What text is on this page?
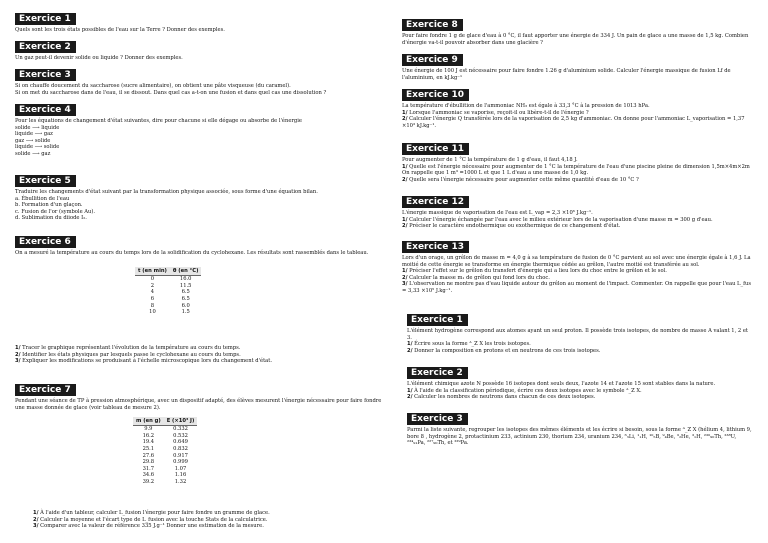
Exercice 1

Quels sont les trois états possibles de l'eau sur la Terre ? Donner des exemples.

Exercice 2

Un gaz peut-il devenir solide ou liquide ? Donner des exemples.

Exercice 3

Si on chauffe doucement du saccharose (sucre alimentaire), on obtient une pâte visqueuse (du caramel).

Si on met du saccharose dans de l'eau, il se dissout. Dans quel cas a-t-on une fusion et dans quel cas une dissolution ?

Exercice 4

Pour les équations de changement d'état suivantes, dire pour chacune si elle dégage ou absorbe de l'énergie

solide ⟶ liquide

liquide ⟶ gaz

gaz ⟶ solide

liquide ⟶ solide

solide ⟶ gaz

Exercice 5

Traduire les changements d'état suivant par la transformation physique associée, sous forme d'une équation bilan.

a. Ébullition de l'eau

b. Formation d'un glaçon.

c. Fusion de l'or (symbole Au).

d. Sublimation du diiode I₂.

Exercice 6

On a mesuré la température au cours du temps lors de la solidification du cyclohexane. Les résultats sont rassemblés dans le tableau.

t (en min)	θ (en °C)
0	16.0
2	11.5
4	6.5
6	6.5
8	6.0
10	1.5

1/ Tracer le graphique représentant l'évolution de la température au cours du temps.

2/ Identifier les états physiques par lesquels passe le cyclohexane au cours du temps.

3/ Expliquer les modifications se produisant à l'échelle microscopique lors du changement d'état.

Exercice 7

Pendant une séance de TP à pression atmosphérique, avec un dispositif adapté, des élèves mesurent l'énergie nécessaire pour faire fondre une masse donnée de glace (voir tableau de mesure 2).

m (en g)	E (×10³ J)
9.9	0.332
16.2	0.532
19.4	0.649
25.1	0.832
27.6	0.917
29.8	0.999
31.7	1.07
34.6	1.16
39.2	1.32

1/ À l'aide d'un tableur, calculer L_fusion l'énergie pour faire fondre un gramme de glace.

2/ Calculer la moyenne et l'écart type de L_fusion avec la touche Stats de la calculatrice.

3/ Comparer avec la valeur de référence 335 J.g⁻¹ Donner une estimation de la mesure.

Exercice 8

Pour faire fondre 1 g de glace d'eau à 0 °C, il faut apporter une énergie de 334 J. Un pain de glace a une masse de 1,5 kg. Combien d'énergie va-t-il pouvoir absorber dans une glacière ?

Exercice 9

Une énergie de 100 J est nécessaire pour faire fondre 1.26 g d'aluminium solide. Calculer l'énergie massique de fusion Lf de l'aluminium, en kJ.kg⁻¹

Exercice 10

La température d'ébullition de l'ammoniac NH₃ est égale à 33,3 °C à la pression de 1013 hPa.

1/ Lorsque l'ammoniac se vaporise, reçoit-il ou libère-t-il de l'énergie ?

2/ Calculer l'énergie Q transférée lors de la vaporisation de 2,5 kg d'ammoniac. On donne pour l'ammoniac L_vaporisation = 1,37 ×10³ kJ.kg⁻¹.

Exercice 11

Pour augmenter de 1 °C la température de 1 g d'eau, il faut 4,18 J.

1/ Quelle est l'énergie nécessaire pour augmenter de 1 °C la température de l'eau d'une piscine pleine de dimension 1,5m×4m×2m On rappelle que 1 m³ =1000 L et que 1 L d'eau a une masse de 1,0 kg.

2/ Quelle sera l'énergie nécessaire pour augmenter cette même quantité d'eau de 10 °C ?

Exercice 12

L'énergie massique de vaporisation de l'eau est L_vap = 2,3 ×10⁶ J.kg⁻¹.

1/ Calculer l'énergie échangée par l'eau avec le milieu extérieur lors de la vaporisation d'une masse m = 300 g d'eau.

2/ Préciser le caractère endothermique ou exothermique de ce changement d'état.

Exercice 13

Lors d'un orage, un grêlon de masse m = 4,0 g à sa température de fusion de 0 °C parvient au sol avec une énergie égale à 1,6 J. La moitié de cette énergie se transforme en énergie thermique cédée au grêlon, l'autre moitié est transférée au sol.

1/ Préciser l'effet sur le grêlon du transfert d'énergie qui a lieu lors du choc entre le grêlon et le sol.

2/ Calculer la masse m₁ de grêlon qui fond lors du choc.

3/ L'observation ne montre pas d'eau liquide autour du grêlon au moment de l'impact. Commenter. On rappelle que pour l'eau L_fus = 3,33 ×10⁵ J.kg⁻¹.

Exercice 1

L'élément hydrogène correspond aux atomes ayant un seul proton. Il possède trois isotopes, de nombre de masse A valant 1, 2 et 3.

1/ Écrire sous la forme ᴬ_Z X les trois isotopes.

2/ Donner la composition en protons et en neutrons de ces trois isotopes.

Exercice 2

L'élément chimique azote N possède 16 isotopes dont seuls deux, l'azote 14 et l'azote 15 sont stables dans la nature.

1/ À l'aide de la classification périodique, écrire ces deux isotopes avec le symbole ᴬ_Z X.

2/ Calculer les nombres de neutrons dans chacun de ces deux isotopes.

Exercice 3

Parmi la liste suivante, regrouper les isotopes des mêmes éléments et les écrire si besoin, sous la forme ᴬ_Z X (hélium 4, lithium 9, bore 8 , hydrogène 2, protactinium 233, actinium 230, thorium 234, uranium 234, ⁶₃Li, ¹₁H, ¹⁰₅B, ⁹₄Be, ³₂He, ³₁H, ²³⁰₉₀Th, ²³⁸U, ²³⁴₉₁Pa, ²²⁷₉₀Th, et ²²⁹Pa.
